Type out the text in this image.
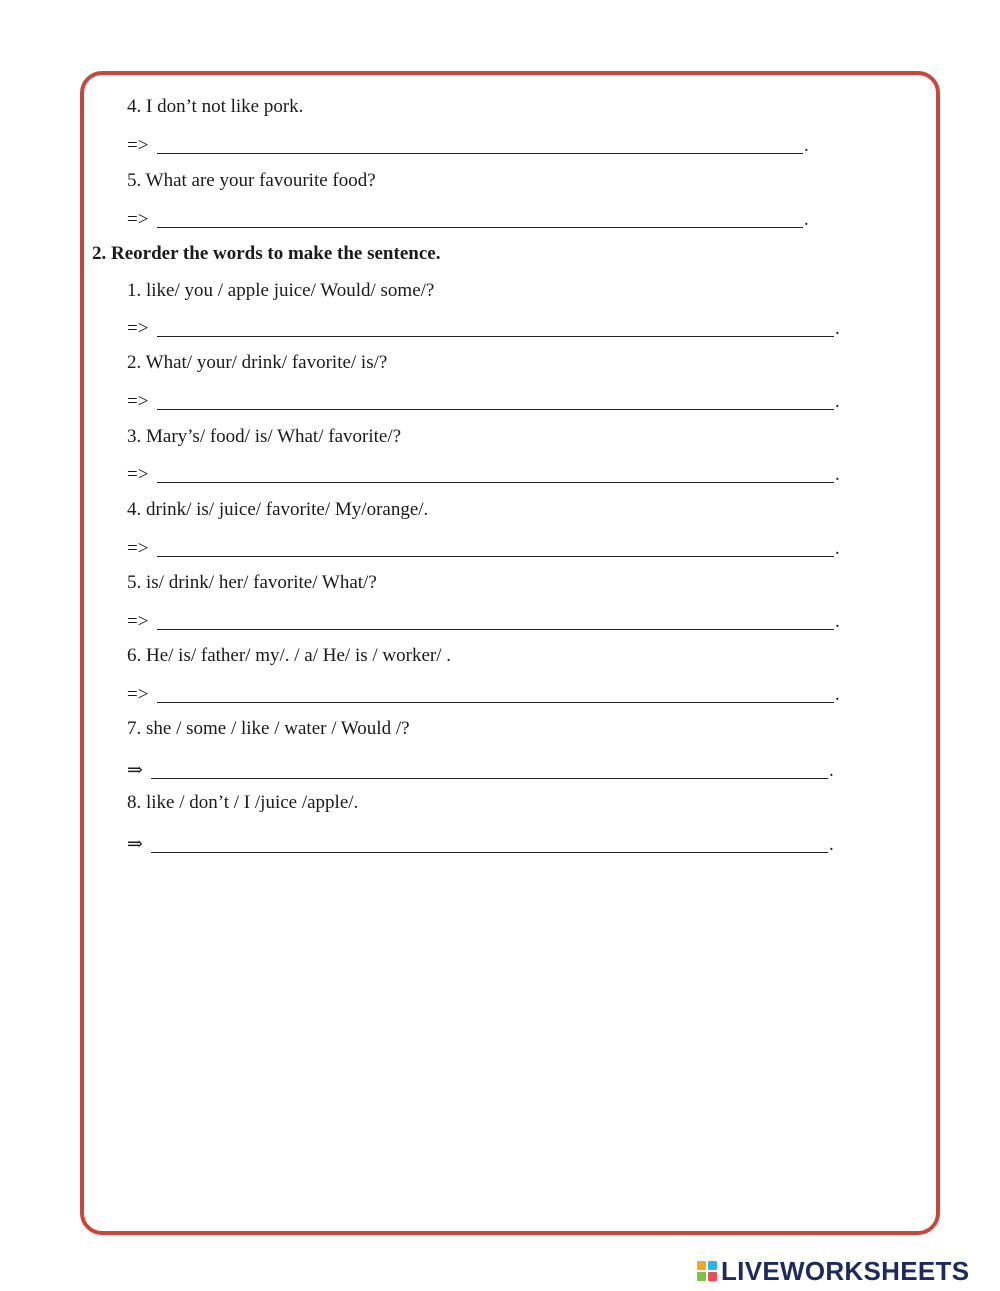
4. I don’t not like pork.
=>	.
5. What are your favourite food?
=>	.
2. Reorder the words to make the sentence.
1. like/ you / apple juice/ Would/ some/?
=>	.
2. What/ your/ drink/ favorite/ is/?
=>	.
3. Mary’s/ food/ is/ What/ favorite/?
=>	.
4. drink/ is/ juice/ favorite/ My/orange/.
=>	.
5. is/ drink/ her/ favorite/ What/?
=>	.
6. He/ is/ father/ my/. / a/ He/ is / worker/ .
=>	.
7. she / some / like / water / Would /?
⇒	.
8. like / don’t / I /juice /apple/.
⇒	.
LIVEWORKSHEETS
